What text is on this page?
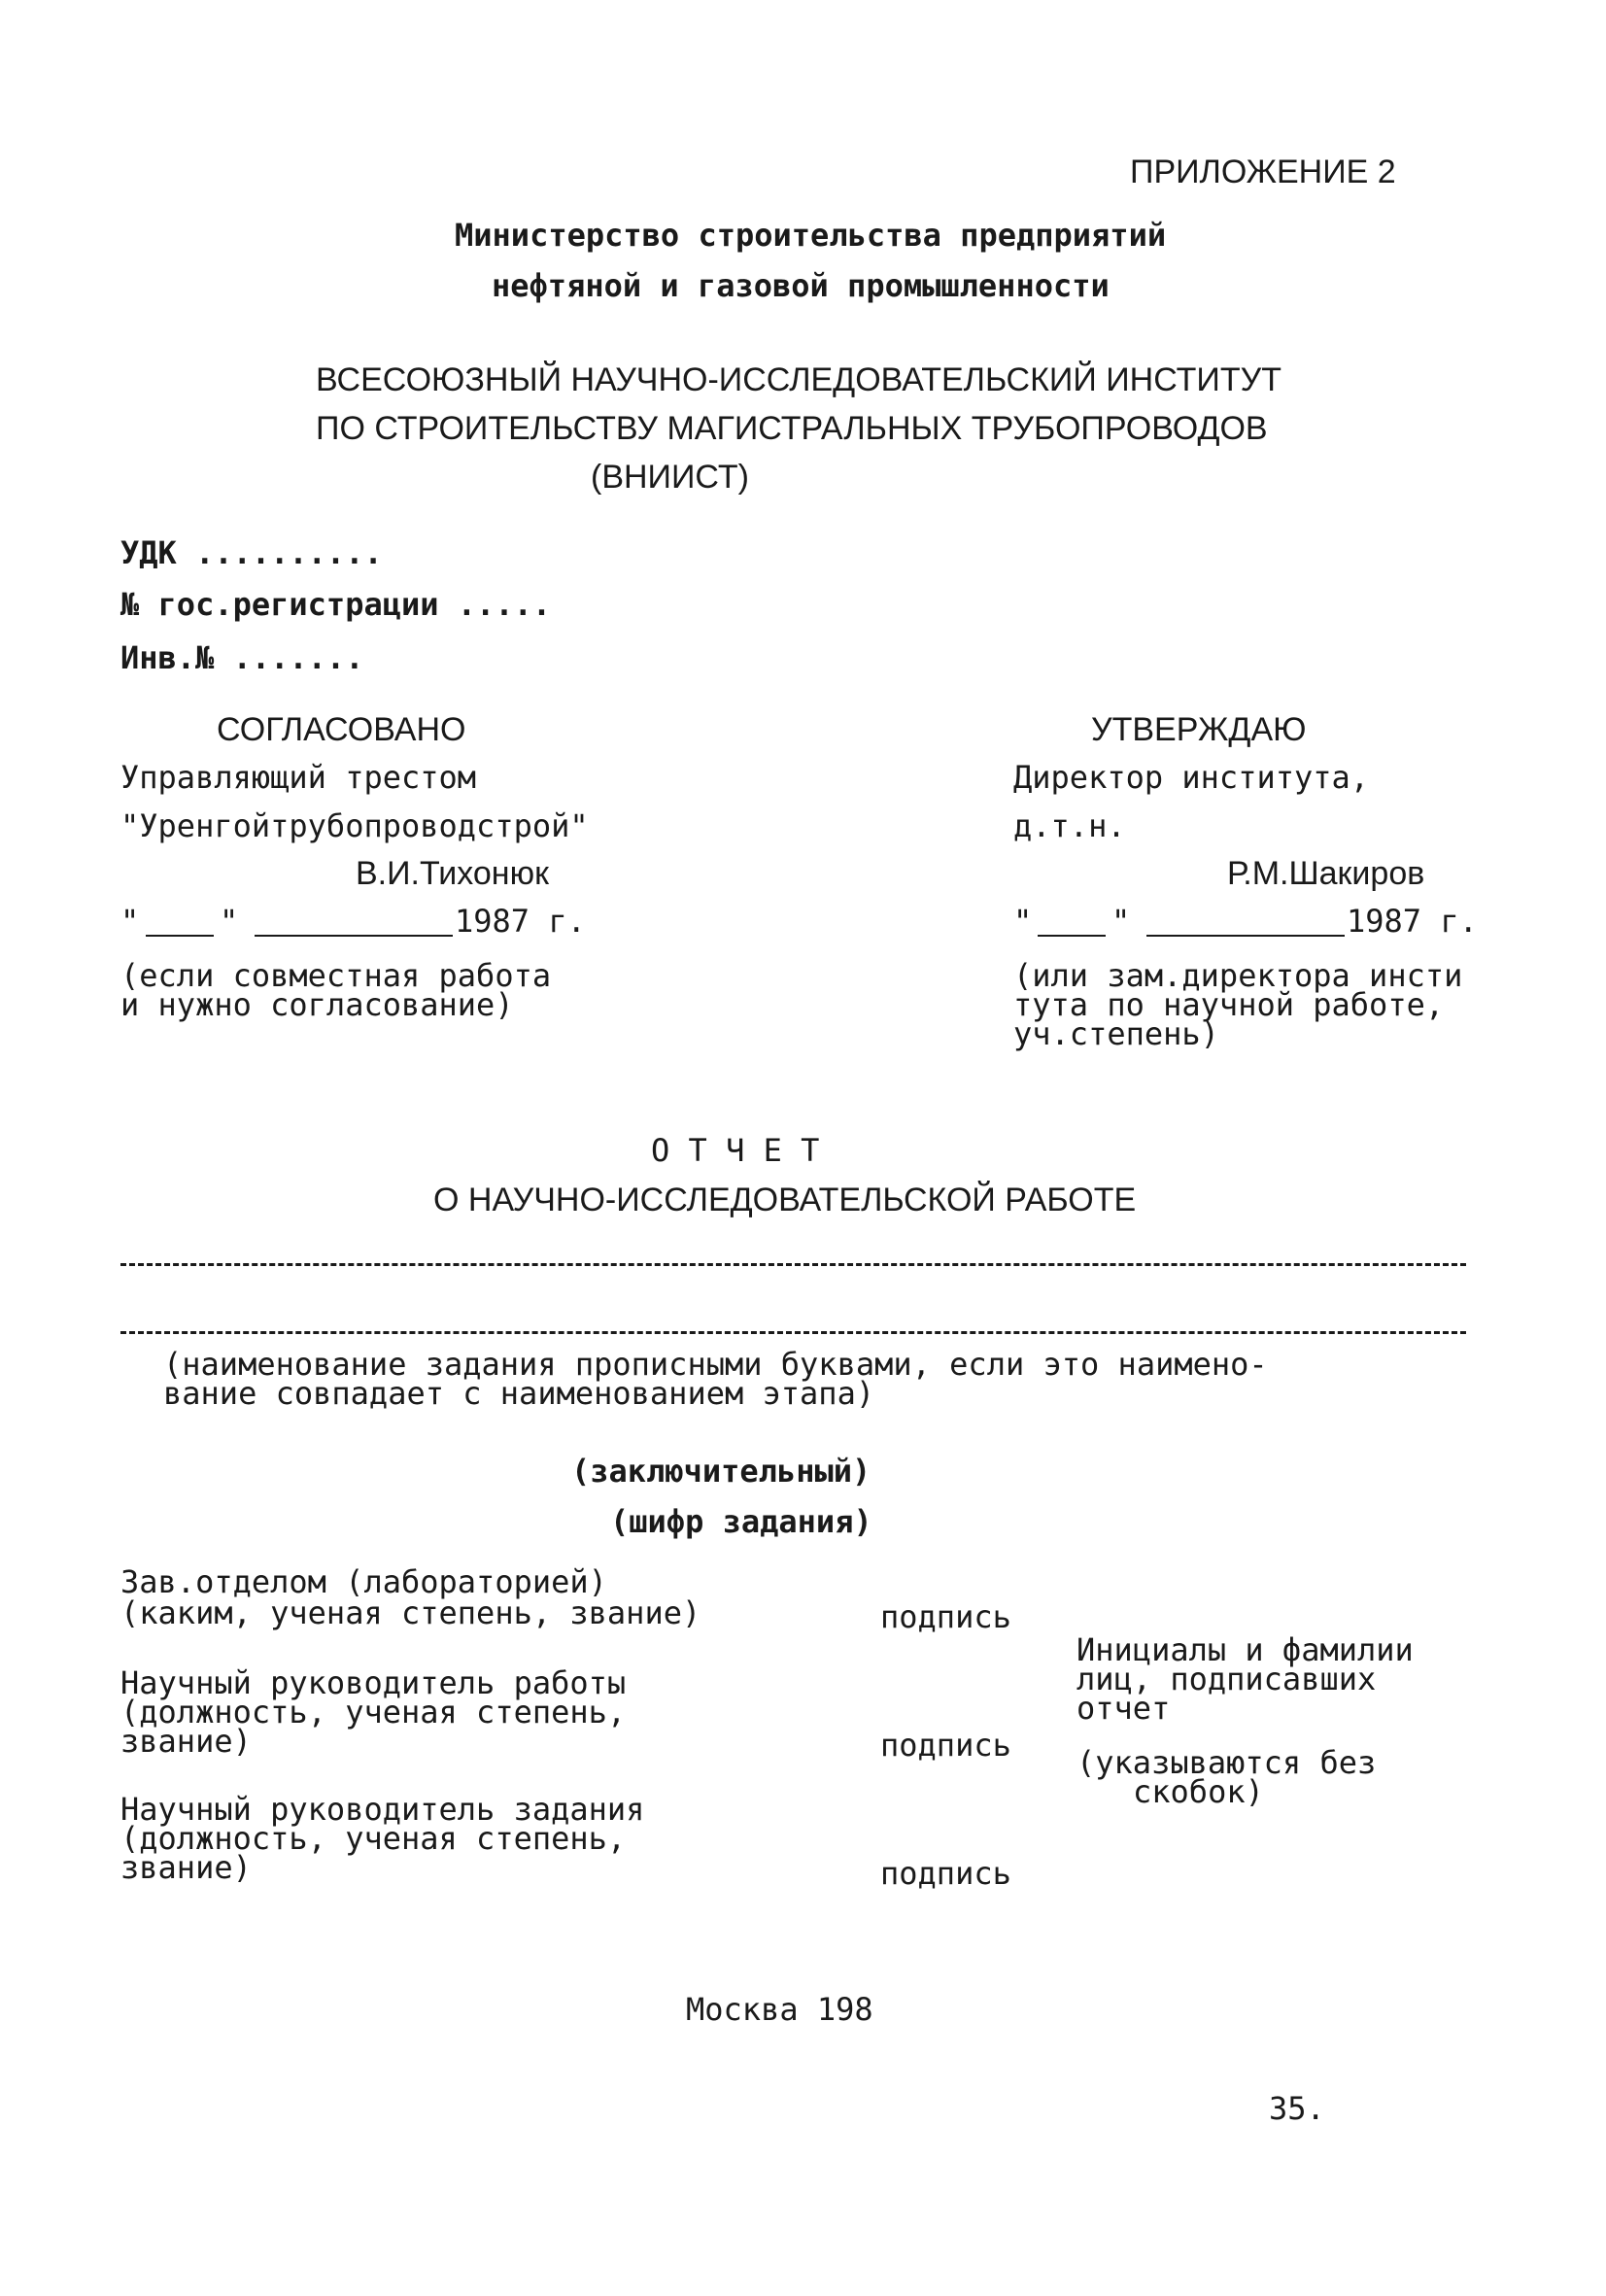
ПРИЛОЖЕНИЕ 2
Министерство строительства предприятий
нефтяной и газовой промышленности
ВСЕСОЮЗНЫЙ НАУЧНО-ИССЛЕДОВАТЕЛЬСКИЙ ИНСТИТУТ
ПО СТРОИТЕЛЬСТВУ МАГИСТРАЛЬНЫХ ТРУБОПРОВОДОВ
(ВНИИСТ)
УДК ..........
№ гос.регистрации .....
Инв.№ .......
СОГЛАСОВАНО
Управляющий трестом
"Уренгойтрубопроводстрой"
В.И.Тихонюк
"	"	1987 г.
(если совместная работа
и нужно согласование)
УТВЕРЖДАЮ
Директор института,
д.т.н.
Р.М.Шакиров
"	"	1987 г.
(или зам.директора инсти
тута по научной работе,
уч.степень)
О Т Ч Е Т
О НАУЧНО-ИССЛЕДОВАТЕЛЬСКОЙ РАБОТЕ
(наименование задания прописными буквами, если это наимено-
вание совпадает с наименованием этапа)
(заключительный)
(шифр задания)
Зав.отделом (лабораторией)
(каким, ученая степень, звание)	подпись
Научный руководитель работы
(должность, ученая степень,
звание)	подпись
Научный руководитель задания
(должность, ученая степень,
звание)	подпись
Инициалы и фамилии
лиц, подписавших
отчет
(указываются без
скобок)
Москва 198
35.
